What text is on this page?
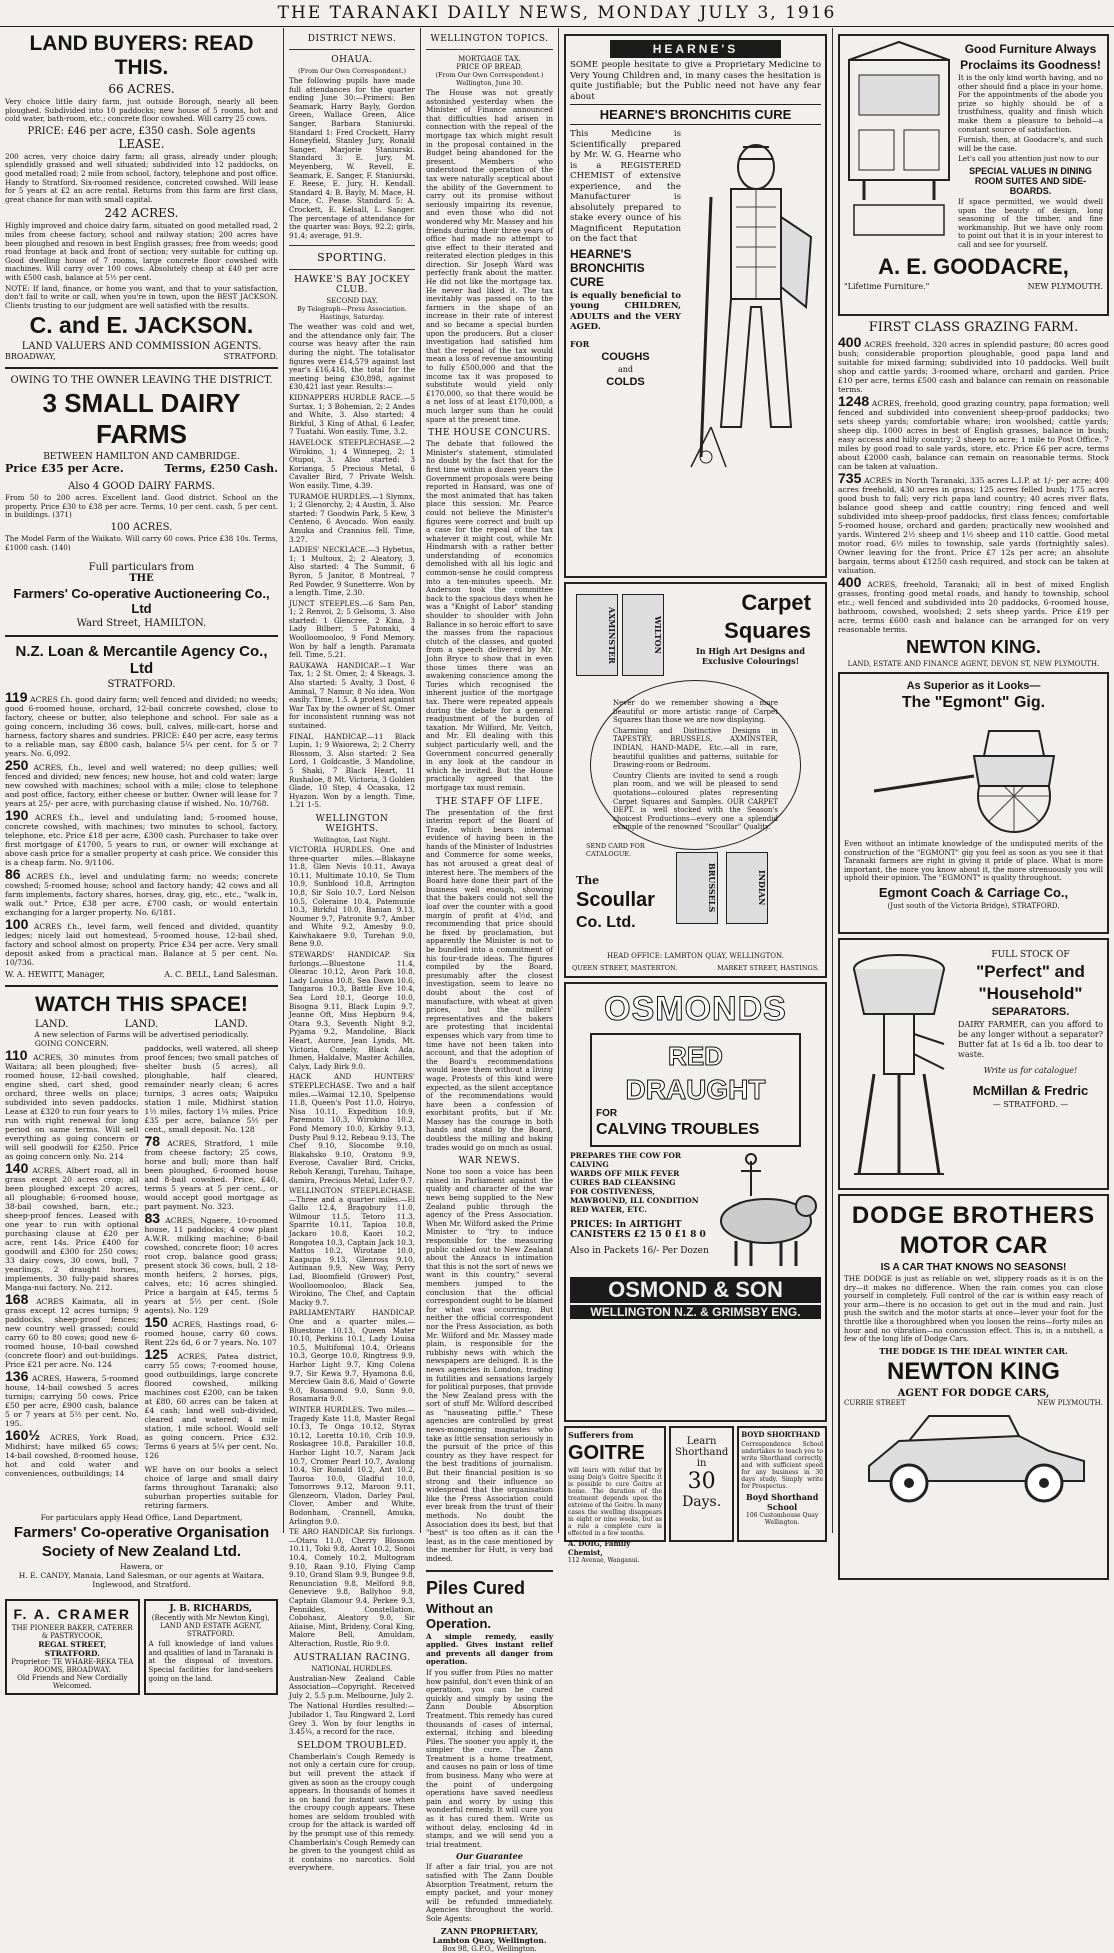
THE TARANAKI DAILY NEWS, MONDAY JULY 3, 1916
LAND BUYERS: READ THIS.
66 ACRES.
Very choice little dairy farm, just outside Borough, nearly all been ploughed. Subdivided into 10 paddocks; new house of 5 rooms, hot and cold water, bath-room, etc.; concrete floor cowshed. Will carry 25 cows.
PRICE: £46 per acre, £350 cash. Sole agents
LEASE.
200 acres, very choice dairy farm; all grass, already under plough; splendidly grassed and well situated; subdivided into 12 paddocks, on good metalled road; 2 mile from school, factory, telephone and post office. Handy to Stratford. Six-roomed residence, concreted cowshed. Will lease for 5 years at £2 an acre rental. Returns from this farm are first class, great chance for man with small capital.
242 ACRES.
Highly improved and choice dairy farm, situated on good metalled road, 2 miles from cheese factory, school and railway station; 200 acres have been ploughed and resown in best English grasses; free from weeds; good road frontage at back and front of section; very suitable for cutting up. Good dwelling house of 7 rooms, large concrete floor cowshed with machines. Will carry over 100 cows. Absolutely cheap at £40 per acre with £500 cash, balance at 5½ per cent.
NOTE: If land, finance, or home you want, and that to your satisfaction, don't fail to write or call, when you're in town, upon the BEST JACKSON. Clients trusting to our judgment are well satisfied with the results.
C. and E. JACKSON.
LAND VALUERS AND COMMISSION AGENTS.
BROADWAY,	STRATFORD.
OWING TO THE OWNER LEAVING THE DISTRICT.
3 SMALL DAIRY FARMS
BETWEEN HAMILTON AND CAMBRIDGE.
Price £35 per Acre.	Terms, £250 Cash.
Also 4 GOOD DAIRY FARMS.
From 50 to 200 acres. Excellent land. Good district. School on the property. Price £30 to £38 per acre. Terms, 10 per cent. cash, 5 per cent. in buildings. (371)
100 ACRES.
The Model Farm of the Waikato. Will carry 60 cows. Price £38 10s. Terms, £1000 cash. (140)
Full particulars from
THE
Farmers' Co-operative Auctioneering Co., Ltd
Ward Street, HAMILTON.
N.Z. Loan & Mercantile Agency Co., Ltd
STRATFORD.
119 ACRES f.h. good dairy farm; well fenced and divided; no weeds; good 6-roomed house, orchard, 12-bail concrete cowshed, close to factory, cheese or butter, also telephone and school. For sale as a going concern, including 36 cows, bull, calves, milk-cart, horse and harness, factory shares and sundries. PRICE: £40 per acre, easy terms to a reliable man, say £800 cash, balance 5¼ per cent. for 5 or 7 years. No. 6,092.
250 ACRES, f.h., level and well watered; no deep gullies; well fenced and divided; new fences; new house, hot and cold water; large new cowshed with machines; school with a mile; close to telephone and post office, factory, either cheese or butter. Owner will lease for 7 years at 25/- per acre, with purchasing clause if wished. No. 10/768.
190 ACRES f.h., level and undulating land; 5-roomed house, concrete cowshed, with machines; two minutes to school, factory, telephone, etc. Price £18 per acre, £300 cash. Purchaser to take over first mortgage of £1700, 5 years to run, or owner will exchange at above cash price for a smaller property at cash price. We consider this is a cheap farm. No. 9/1106.
86 ACRES f.h., level and undulating farm; no weeds; concrete cowshed; 5-roomed house; school and factory handy; 42 cows and all farm implements, factory shares, horses, dray, gig, etc., etc., "walk in, walk out." Price, £38 per acre, £700 cash, or would entertain exchanging for a larger property. No. 6/181.
100 ACRES f.h., level farm, well fenced and divided, quantity ledges; nicely laid out homestead, 5-roomed house, 12-bail shed, factory and school almost on property. Price £34 per acre. Very small deposit asked from a practical man. Balance at 5 per cent. No. 10/736.
W. A. HEWITT, Manager,	A. C. BELL, Land Salesman.
WATCH THIS SPACE!
LAND.	LAND.	LAND.
A new selection of Farms will be advertised periodically.
GOING CONCERN.
110 ACRES, 30 minutes from Waitara; all been ploughed; five-roomed house, 12-bail cowshed, engine shed, cart shed, good orchard, three wells on place; subdivided into seven paddocks. Lease at £320 to run four years to run with right renewal for long period on same terms. Will sell everything as going concern or will sell goodwill for £250. Price as going concern only. No. 214
140 ACRES, Albert road, all in grass except 20 acres crop; all been ploughed except 20 acres, all ploughable; 6-roomed house, 38-bail cowshed, barn, etc.; sheep-proof fences. Leased with one year to run with optional purchasing clause at £20 per acre, rent 14s. Price £400 for goodwill and £300 for 250 cows; 33 dairy cows, 30 cows, bull, 7 yearlings, 2 draught horses, implements, 30 fully-paid shares Manga-nui factory. No. 212.
168 ACRES Kaimata, all in grass except 12 acres turnips; 9 paddocks, sheep-proof fences; new country well grassed; could carry 60 to 80 cows; good new 6-roomed house, 10-bail cowshed (concrete floor) and out-buildings. Price £21 per acre. No. 124
136 ACRES, Hawera, 5-roomed house, 14-bail cowshed 5 acres turnips; carrying 50 cows. Price £50 per acre, £900 cash, balance 5 or 7 years at 5½ per cent. No. 195.
160½ ACRES, York Road, Midhirst; have milked 65 cows; 14-bail cowshed, 8-roomed house, hot and cold water and conveniences, outbuildings; 14
paddocks, well watered, all sheep proof fences; two small patches of shelter bush (5 acres), all ploughable, half cleared, remainder nearly clean; 6 acres turnips, 3 acres oats; Waipuku station 1 mile, Midhirst station 1½ miles, factory 1¼ miles. Price £35 per acre, balance 5½ per cent., small deposit. No. 128
78 ACRES, Stratford, 1 mile from cheese factory; 25 cows, horse and bull; more than half been ploughed, 6-roomed house and 8-bail cowshed. Price, £40, terms 5 years at 5 per cent., or would accept good mortgage as part payment. No. 323.
83 ACRES, Ngaere, 10-roomed house, 11 paddocks; 4 cow plant A.W.R. milking machine; 8-bail cowshed, concrete floor; 10 acres root crop, balance good grass; present stock 36 cows, bull, 2 18-month heifers, 2 horses, pigs, calves, etc; 16 acres shingled. Price a bargain at £45, terms 5 years at 5½ per cent. (Sole agents). No. 129
150 ACRES, Hastings road, 6-roomed house, carry 60 cows. Rent 22s 6d, 6 or 7 years. No. 107
125 ACRES, Patea district, carry 55 cows; 7-roomed house, good outbuildings, large concrete floored cowshed, milking machines cost £200, can be taken at £80, 60 acres can be taken at £4 cash; land well sub-divided, cleared and watered; 4 mile station, 1 mile school. Would sell as going concern. Price £32. Terms 6 years at 5¼ per cent. No. 126
WE have on our books a select choice of large and small dairy farms throughout Taranaki; also suburban properties suitable for retiring farmers.
For particulars apply Head Office, Land Department,
Farmers' Co-operative Organisation
Society of New Zealand Ltd.
Hawera, or
H. E. CANDY, Manaia, Land Salesman, or our agents at Waitara, Inglewood, and Stratford.
F. A. CRAMER
THE PIONEER BAKER, CATERER & PASTRYCOOK,
REGAL STREET, STRATFORD.
Proprietor: TE WHARE-REKA TEA ROOMS, BROADWAY.
Old Friends and New Cordially Welcomed.
J. B. RICHARDS,
(Recently with Mr Newton King), LAND AND ESTATE AGENT, STRATFORD.
A full knowledge of land values and qualities of land in Taranaki is at the disposal of investors. Special facilities for land-seekers going on the land.
DISTRICT NEWS.
OHAUA.
(From Our Own Correspondent.)
The following pupils have made full attendances for the quarter ending June 30:—Primers: Ben Seamark, Harry Bayly, Gordon Green, Wallace Green, Alice Sanger, Barbara Staniurski. Standard 1: Fred Crockett, Harry Honeyfield, Stanley Jury, Ronald Sanger, Marjorie Staniurski. Standard 3: E. Jury, M. Meyenberg, W. Revell, E. Seamark, E. Sanger, F. Staniurski, F. Reese, E. Jury, H. Kendall. Standard 4: B. Bayly, M. Mace, H. Mace, C. Pease. Standard 5: A. Crockett, E. Kelsall, L. Sanger. The percentage of attendance for the quarter was: Boys, 92.2; girls, 91.4; average, 91.9.
SPORTING.
HAWKE'S BAY JOCKEY CLUB.
SECOND DAY.
By Telegraph—Press Association. Hastings, Saturday.
The weather was cold and wet, and the attendance only fair. The course was heavy after the rain during the night. The totalisator figures were £14,579 against last year's £16,416, the total for the meeting being £30,898, against £30,421 last year. Results:—
KIDNAPPERS HURDLE RACE.—5 Surtax, 1; 3 Bohemian, 2; 2 Andes and White, 3. Also started: 4 Birkful, 3 King of Athal, 6 Leafer, 7 Tuatahi. Won easily. Time, 3.2.
HAVELOCK STEEPLECHASE.—2 Wirokino, 1; 4 Winnepeg, 2; 1 Otupoi, 3. Also started: 3 Korianga, 5 Precious Metal, 6 Cavalier Bird, 7 Private Welsh. Won easily. Time, 4.39.
TURAMOE HURDLES.—1 Slymnx, 1; 2 Glenorchy, 2; 4 Austin, 3. Also started: 7 Goodwin Park, 5 Kew, 3 Centeno, 6 Avocado. Won easily. Amuka and Crannius fell. Time, 3.27.
LADIES' NECKLACE.—3 Hybetus, 1; 1 Multoux, 2; 2 Aleatory, 3. Also started: 4 The Summit, 6 Byron, 5 Janitor, 8 Montreal, 7 Red Powder, 9 Sunetterre. Won by a length. Time, 2.30.
JUNCT STEEPLES.—6 Sam Pan, 1; 2 Renvoi, 2; 5 Gelsoms, 3. Also started: 1 Glencree, 2 Kina, 3 Lady Bilberr, 5 Patonaki, 4 Woolloomooloo, 9 Fond Memory. Won by half a length. Paramata fell. Time, 5.21.
RAUKAWA HANDICAP.—1 War Tax, 1; 2 St. Omer, 2; 4 Skeags, 3. Also started: 5 Avalty, 3 Dost, 6 Aminal, 7 Namur, 8 No idea. Won easily. Time, 1.5. A protest against War Tax by the owner of St. Omer for inconsistent running was not sustained.
FINAL HANDICAP.—11 Black Lupin, 1; 9 Waiorewa, 2; 2 Cherry Blossom, 3. Also started: 2 Sea Lord, 1 Goldcastle, 3 Mandoline, 5 Shaki, 7 Black Heart, 11 Rushaloe, 8 Mt. Victoria, 3 Golden Glade, 10 Step, 4 Ocasaka, 12 Hyazon. Won by a length. Time, 1.21 1-5.
WELLINGTON WEIGHTS.
Wellington, Last Night.
VICTORIA HURDLES. One and three-quarter miles.—Blakayne 11.8, Glen Nevis 10.11, Awaya 10.11, Multimate 10.10, Se Tlum 10.9, Sunblood 10.8, Arrington 10.8, Sir Solo 10.7, Lord Nelson 10.5, Coleraine 10.4, Patemunie 10.3, Birkful 10.0, Banian 9.13, Noumer 9.7, Patronite 9.7, Amber and White 9.2, Amesby 9.0, Kaiwhakaere 9.0, Turehan 9.0, Bene 9.0.
STEWARDS' HANDICAP. Six furlongs.—Bluestone 11.4, Olearac 10.12, Avon Park 10.8, Lady Louisa 10.8, Sea Dawn 10.6, Tangaroa 10.3, Battle Eve 10.4, Sea Lord 10.1, George 10.0, Bisogna 9.11, Black Lupin 9.7, Jeanne Oft, Miss Hepburn 9.4, Otara 9.3, Seventh Night 9.2, Pyjama 9.2, Mandoline, Black Heart, Aurore, Jean Lynds, Mt. Victoria, Comely, Black Ada, Ihmen, Haldalve, Master Achilles, Calyx, Lady Birk 9.0.
HACK AND HUNTERS' STEEPLECHASE. Two and a half miles.—Waimai 12.10, Spelpenso 11.8, Queen's Post 11.0, Hoiryo, Nisa 10.11, Expedition 10.9, Paremotu 10.3, Wirokino 10.2, Fond Memory 10.0, Kirkby 9.13, Dusty Paul 9.12, Rebeau 9.13, The Chef 9.10, Slocombe 9.10, Blakahsko 9.10, Oratonu 9.9, Everose, Cavalier Bird, Cricks, Reboh Kerangi, Turehau, Taihape, damira, Precious Metal, Lufer 9.7.
WELLINGTON STEEPLECHASE.—Three and a quarter miles.—El Gallo 12.4, Bragobury 11.0, Wilmour 11.5, Tetoro 11.3, Sparrite 10.11, Tapioa 10.8, Jackaro 10.8, Kaori 10.2, Rongotea 10.3, Captain Jack 10.3, Mattos 10.2, Wirotane 10.0, Kaapupa 9.13, Glenross 9.10, Autinaan 9.9, New Way, Perry Lad, Bloomfield (Grower) Post, Woolloomooloo, Black Sea, Wirokino, The Chef, and Captain Macky 9.7.
PARLIAMENTARY HANDICAP. One and a quarter miles.—Bluestone 10.13, Queen Mater 10.10, Perkins 10.1, Lady Louisa 10.5, Multifomal 10.4, Orleans 10.3, George 10.0, Ringtress 9.9, Harbor Light 9.7, King Colena 9.7, Sir Kewa 9.7, Hyamona 8.6, Merciew Gain 8.6, Maid o' Gowrie 9.0, Rosamond 9.0, Sunn 9.0, Rosamaria 9.0.
WINTER HURDLES. Two miles.—Tragedy Kate 11.8, Master Regal 10.13, Te Onga 10.12, Styrax 10.12, Loretta 10.10, Crib 10.9, Roskagree 10.8, Parakiller 10.8, Harbor Light 10.7, Naram Jack 10.7, Cromer Pearl 10.7, Avalong 10.4, Sir Ronald 10.2, Ant 10.2, Tauroa 10.0, Gladful 10.0, Tomorrows 9.12, Maroon 9.11, Glenzeorn, Vladon, Darley Paul, Clover, Amber and White, Bodonham, Crannell, Amuka, Arlington 9.0.
TE ARO HANDICAP. Six furlongs.—Otaru 11.0, Cherry Blossom 10.11, Toki 9.8, Aorat 10.2, Sonoi 10.4, Comely 10.2, Multogram 9.10, Raan 9.10, Flying Camp 9.10, Grand Slam 9.9, Bungee 9.8, Renunciation 9.8, Melford 9.8, Genevieve 9.8, Ballyhoo 9.8, Captain Glamour 9.4, Perkee 9.3, Pennikles, Constellation, Cobohasz, Aleatory 9.0, Sir Aiiaise, Mint, Brideny, Coral King, Malore Bell, Amuldam, Alteraction, Rustle, Rio 9.0.
AUSTRALIAN RACING.
NATIONAL HURDLES.
Australian-New Zealand Cable Association—Copyright. Received July 2, 5.5 p.m. Melbourne, July 2.
The National Hurdles resulted:—Jubilador 1, Tau Ringward 2, Lord Grey 3. Won by four lengths in 3.45¼, a record for the race.
SELDOM TROUBLED.
Chamberlain's Cough Remedy is not only a certain cure for croup, but will prevent the attack if given as soon as the croupy cough appears. In thousands of homes it is on hand for instant use when the croupy cough appears. These homes are seldom troubled with croup for the attack is warded off by the prompt use of this remedy. Chamberlain's Cough Remedy can be given to the youngest child as it contains no narcotics. Sold everywhere.
WELLINGTON TOPICS.
MORTGAGE TAX.
PRICE OF BREAD.
(From Our Own Correspondent.) Wellington, June 30.
The House was not greatly astonished yesterday when the Minister of Finance announced that difficulties had arisen in connection with the repeal of the mortgage tax which might result in the proposal contained in the Budget being abandoned for the present. Members who understood the operation of the tax were naturally sceptical about the ability of the Government to carry out its promise without seriously impairing its revenue, and even those who did not wondered why Mr. Massey and his friends during their three years of office had made no attempt to give effect to their iterated and reiterated election pledges in this direction. Sir Joseph Ward was perfectly frank about the matter. He did not like the mortgage tax. He never had liked it. The tax inevitably was passed on to the farmers in the shape of an increase in their rate of interest and so became a special burden upon the producers. But a closer investigation had satisfied him that the repeal of the tax would mean a loss of revenue amounting to fully £500,000 and that the income tax it was proposed to substitute would yield only £170,000, so that there would be a net loss of at least £170,000, a much larger sum than he could spare at the present time.
THE HOUSE CONCURS.
The debate that followed the Minister's statement, stimulated no doubt by the fact that for the first time within a dozen years the Government proposals were being reported in Hansard, was one of the most animated that has taken place this session. Mr. Pearce could not believe the Minister's figures were correct and built up a case for the repeal of the tax whatever it might cost, while Mr. Hindmarsh with a rather better understanding of economics demolished with all his logic and common-sense he could compress into a ten-minutes speech. Mr. Anderson took the committee back to the spacious days when he was a "Knight of Labor" standing shoulder to shoulder with John Ballance in so heroic effort to save the masses from the rapacious clutch of the classes, and quoted from a speech delivered by Mr. John Bryce to show that in even those times there was an awakening conscience among the Tories which recognised the inherent justice of the mortgage tax. There were repeated appeals during the debate for a general readjustment of the burden of taxation. Mr Wilford, Mr. Veitch, and Mr. Ell dealing with this subject particularly well, and the Government concurred generally in any look at the candour in which he invited. But the House practically agreed that the mortgage tax must remain.
THE STAFF OF LIFE.
The presentation of the first interim report of the Board of Trade, which bears internal evidence of having been in the hands of the Minister of Industries and Commerce for some weeks, has not aroused a great deal of interest here. The members of the Board have done their part of the business well enough, showing that the bakers could not sell the loaf over the counter with a good margin of profit at 4½d, and recommending that price should be fixed by proclamation, but apparently the Minister is not to be bundled into a commitment of his four-trade ideas. The figures compiled by the Board, presumably after the closest investigation, seem to leave no doubt about the cost of manufacture, with wheat at given prices, but the millers' representatives and the bakers are protesting that incidental expenses which vary from time to time have not been taken into account, and that the adoption of the Board's recommendations would leave them without a living wage. Protests of this kind were expected, as the silent acceptance of the recommendations would have been a confession of exorbitant profits, but if Mr. Massey has the courage in both hands and stand by the Board, doubtless the milling and baking trades would go on much as usual.
WAR NEWS.
None too soon a voice has been raised in Parliament against the quality and character of the war news being supplied to the New Zealand public through the agency of the Press Association. When Mr. Wilford asked the Prime Minister to "try to induce responsible for the measuring public cabled out to New Zealand about the Anzacs in intimation that this is not the sort of news we want in this country," several members jumped to the conclusion that the official correspondent ought to be blamed for what was occurring. But neither the official correspondent nor the Press Association, as both Mr. Wilford and Mr. Massey made plain, is responsible for the rubbishy news with which the newspapers are deluged. It is the news agencies in London, trading in futilities and sensations largely for political purposes, that provide the New Zealand press with the sort of stuff Mr. Wilford described as "nauseating piffle." These agencies are controlled by great news-mongering magnates who take as little sensation seriously in the pursuit of the price of this country as they have respect for the best traditions of journalism. But their financial position is so strong and their influence so widespread that the organisation like the Press Association could ever break from the trust of their methods. No doubt the Association does its best, but that "best" is too often as it can the least, as in the case mentioned by the member for Hutt, is very bad indeed.
Piles Cured
Without an Operation.
A simple remedy, easily applied. Gives instant relief and prevents all danger from operation.
If you suffer from Piles no matter how painful, don't even think of an operation, you can be cured quickly and simply by using the Zann Double Absorption Treatment. This remedy has cured thousands of cases of internal, external, itching and bleeding Piles. The sooner you apply it, the simpler the cure. The Zann Treatment is a home treatment, and causes no pain or loss of time from business. Many who were at the point of undergoing operations have saved needless pain and worry by using this wonderful remedy. It will cure you as it has cured them. Write us without delay, enclosing 4d in stamps, and we will send you a trial treatment.
Our Guarantee
If after a fair trial, you are not satisfied with The Zann Double Absorption Treatment, return the empty packet, and your money will be refunded immediately. Agencies throughout the world. Sole Agents:
ZANN PROPRIETARY,
Lambton Quay, Wellington.
Box 98, G.P.O., Wellington.
HEARNE'S
SOME people hesitate to give a Proprietary Medicine to Very Young Children and, in many cases the hesitation is quite justifiable; but the Public need not have any fear about
HEARNE'S BRONCHITIS CURE
This Medicine is Scientifically prepared by Mr. W. G. Hearne who is a REGISTERED CHEMIST of extensive experience, and the Manufacturer is absolutely prepared to stake every ounce of his Magnificent Reputation on the fact that
HEARNE'S BRONCHITIS CURE
is equally beneficial to young CHILDREN, ADULTS and the VERY AGED.
FOR
COUGHS
and
COLDS
Carpet
Squares
In High Art Designs and Exclusive Colourings!
AXMINSTER	WILTON
Never do we remember showing a more beautiful or more artistic range of Carpet Squares than those we are now displaying.
Charming and Distinctive Designs in TAPESTRY, BRUSSELS, AXMINSTER, INDIAN, HAND-MADE, Etc.—all in rare, beautiful qualities and patterns, suitable for Drawing-room or Bedroom.
Country Clients are invited to send a rough plan room, and we will be pleased to send quotations—coloured plates representing Carpet Squares and Samples. OUR CARPET DEPT. is well stocked with the Season's choicest Productions—every one a splendid example of the renowned "Scoullar" Quality.
BRUSSELS	INDIAN
SEND CARD FOR CATALOGUE.
The
Scoullar
Co. Ltd.
HEAD OFFICE: LAMBTON QUAY, WELLINGTON.
QUEEN STREET, MASTERTON.	MARKET STREET, HASTINGS.
OSMONDS
RED
DRAUGHT
FOR
CALVING TROUBLES
PREPARES THE COW FOR CALVING
WARDS OFF MILK FEVER CURES BAD CLEANSING
FOR COSTIVENESS, MAWBOUND, ILL CONDITION
RED WATER, ETC.
PRICES: In AIRTIGHT CANISTERS £2 15 0 £1 8 0
Also in Packets 16/- Per Dozen
OSMOND & SON
WELLINGTON N.Z. & GRIMSBY ENG.
Sufferers from
GOITRE
will learn with relief that by using Doig's Goitre Specific it is possible to cure Goitre at home. The duration of the treatment depends upon the extreme of the Goitre. In many cases the swelling disappears in eight or nine weeks, but as a rule a complete cure is effected in a few months.
A. DOIG, Family Chemist,
112 Avenue, Wanganui.
Learn
Shorthand
in
30
Days.
BOYD SHORTHAND
Correspondence School undertakes to teach you to write Shorthand correctly, and with sufficient speed for any business in 30 days study. Simply write for Prospectus.
Boyd Shorthand School
106 Customhouse Quay Wellington.
Good Furniture Always
Proclaims its Goodness!
It is the only kind worth having, and no other should find a place in your home. For the appointments of the abode you prize so highly should be of a trustfulness, quality and finish which make them a pleasure to behold—a constant source of satisfaction.
Furnish, then, at Goodacre's, and such will be the case.
Let's call you attention just now to our
SPECIAL VALUES IN DINING ROOM SUITES AND SIDE-BOARDS.
If space permitted, we would dwell upon the beauty of design, long seasoning of the timber, and fine workmanship. But we have only room to point out that it is in your interest to call and see for yourself.
A. E. GOODACRE,
"Lifetime Furniture."	NEW PLYMOUTH.
FIRST CLASS GRAZING FARM.
400 ACRES freehold, 320 acres in splendid pasture; 80 acres good bush; considerable proportion ploughable, good papa land and suitable for mixed farming; subdivided into 10 paddocks. Well built shop and cattle yards; 3-roomed whare, orchard and garden. Price £10 per acre, terms £500 cash and balance can remain on reasonable terms.
1248 ACRES, freehold, good grazing country, papa formation; well fenced and subdivided into convenient sheep-proof paddocks; two sets sheep yards; comfortable whare; iron woolshed; cattle yards; sheep dip. 1000 acres in best of English grasses, balance in bush; easy access and hilly country; 2 sheep to acre; 1 mile to Post Office, 7 miles by good road to sale yards, store, etc. Price £6 per acre, terms about £2000 cash, balance can remain on reasonable terms. Stock can be taken at valuation.
735 ACRES in North Taranaki, 335 acres L.I.P. at 1/- per acre; 400 acres freehold, 430 acres in grass; 125 acres felled bush; 175 acres good bush to fall; very rich papa land country; 40 acres river flats, balance good sheep and cattle country; ring fenced and well subdivided into sheep-proof paddocks, first class fences; comfortable 5-roomed house, orchard and garden; practically new woolshed and yards. Wintered 2½ sheep and 1½ sheep and 110 cattle. Good metal motor road, 6½ miles to township, sale yards (fortnightly sales). Owner leaving for the front. Price £7 12s per acre; an absolute bargain, terms about £1250 cash required, and stock can be taken at valuation.
400 ACRES, freehold, Taranaki; all in best of mixed English grasses, fronting good metal roads, and handy to township, school etc.; well fenced and subdivided into 20 paddocks, 6-roomed house, bathroom, cowshed, woolshed; 2 sets sheep yards. Price £19 per acre, terms £600 cash and balance can be arranged for on very reasonable terms.
NEWTON KING.
LAND, ESTATE AND FINANCE AGENT, DEVON ST, NEW PLYMOUTH.
As Superior as it Looks—
The "Egmont" Gig.
Even without an intimate knowledge of the undisputed merits of the construction of the "EGMONT" gig you feel as soon as you see it that Taranaki farmers are right in giving it pride of place. What is more important, the more you know about it, the more strenuously you will uphold their opinion. The "EGMONT" is quality throughout.
Egmont Coach & Carriage Co.,
(Just south of the Victoria Bridge), STRATFORD.
FULL STOCK OF
"Perfect" and
"Household"
SEPARATORS.
DAIRY FARMER, can you afford to be any longer without a separator? Butter fat at 1s 6d a lb. too dear to waste.
Write us for catalogue!
McMillan & Fredric
— STRATFORD. —
DODGE BROTHERS
MOTOR CAR
IS A CAR THAT KNOWS NO SEASONS!
THE DODGE is just as reliable on wet, slippery roads as it is on the dry—it makes no difference. When the rain comes you can close yourself in completely. Full control of the car is within easy reach of your arm—there is no occasion to get out in the mud and rain. Just push the switch and the motor starts at once—lever your foot for the throttle like a thoroughbred when you loosen the reins—forty miles an hour and no vibration—no concussion effect. This is, in a nutshell, a few of the long life of Dodge Cars.
THE DODGE IS THE IDEAL WINTER CAR.
NEWTON KING
AGENT FOR DODGE CARS,
CURRIE STREET	NEW PLYMOUTH.
